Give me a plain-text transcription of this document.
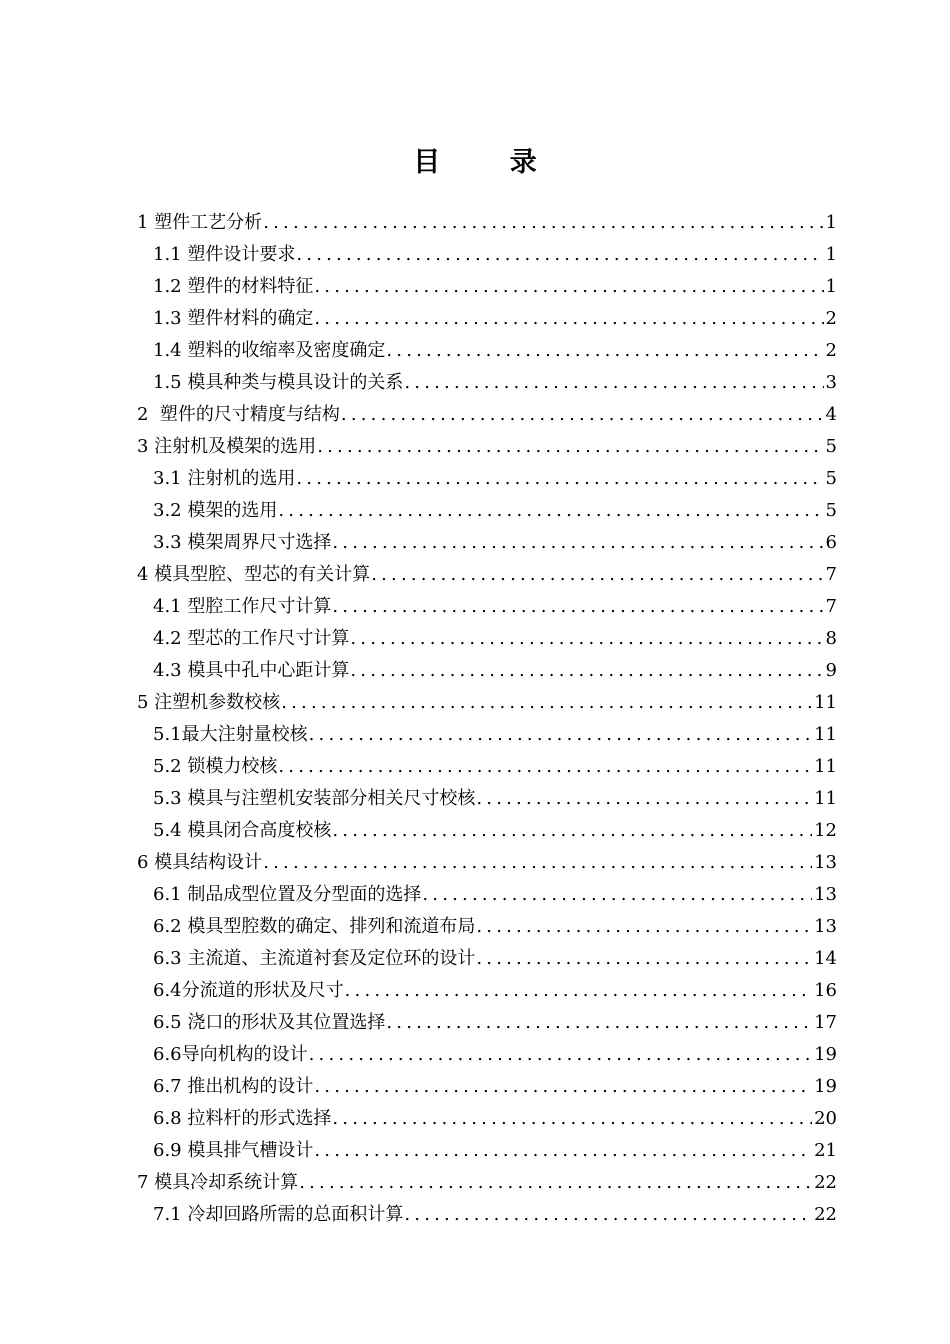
目 录
1 塑件工艺分析 .....	1
1.1 塑件设计要求 .....	1
1.2 塑件的材料特征 .....	1
1.3 塑件材料的确定 .....	2
1.4 塑料的收缩率及密度确定 .....	2
1.5 模具种类与模具设计的关系 .....	3
2  塑件的尺寸精度与结构 .....	4
3 注射机及模架的选用 .....	5
3.1 注射机的选用 .....	5
3.2 模架的选用 .....	5
3.3 模架周界尺寸选择 .....	6
4 模具型腔、型芯的有关计算 .....	7
4.1 型腔工作尺寸计算 .....	7
4.2 型芯的工作尺寸计算 .....	8
4.3 模具中孔中心距计算 .....	9
5 注塑机参数校核 .....	11
5.1最大注射量校核 .....	11
5.2 锁模力校核 .....	11
5.3 模具与注塑机安装部分相关尺寸校核 .....	11
5.4 模具闭合高度校核 .....	12
6 模具结构设计 .....	13
6.1 制品成型位置及分型面的选择 .....	13
6.2 模具型腔数的确定、排列和流道布局 .....	13
6.3 主流道、主流道衬套及定位环的设计 .....	14
6.4分流道的形状及尺寸 .....	16
6.5 浇口的形状及其位置选择 .....	17
6.6导向机构的设计 .....	19
6.7 推出机构的设计 .....	19
6.8 拉料杆的形式选择 .....	20
6.9 模具排气槽设计 .....	21
7 模具冷却系统计算 .....	22
7.1 冷却回路所需的总面积计算 .....	22
